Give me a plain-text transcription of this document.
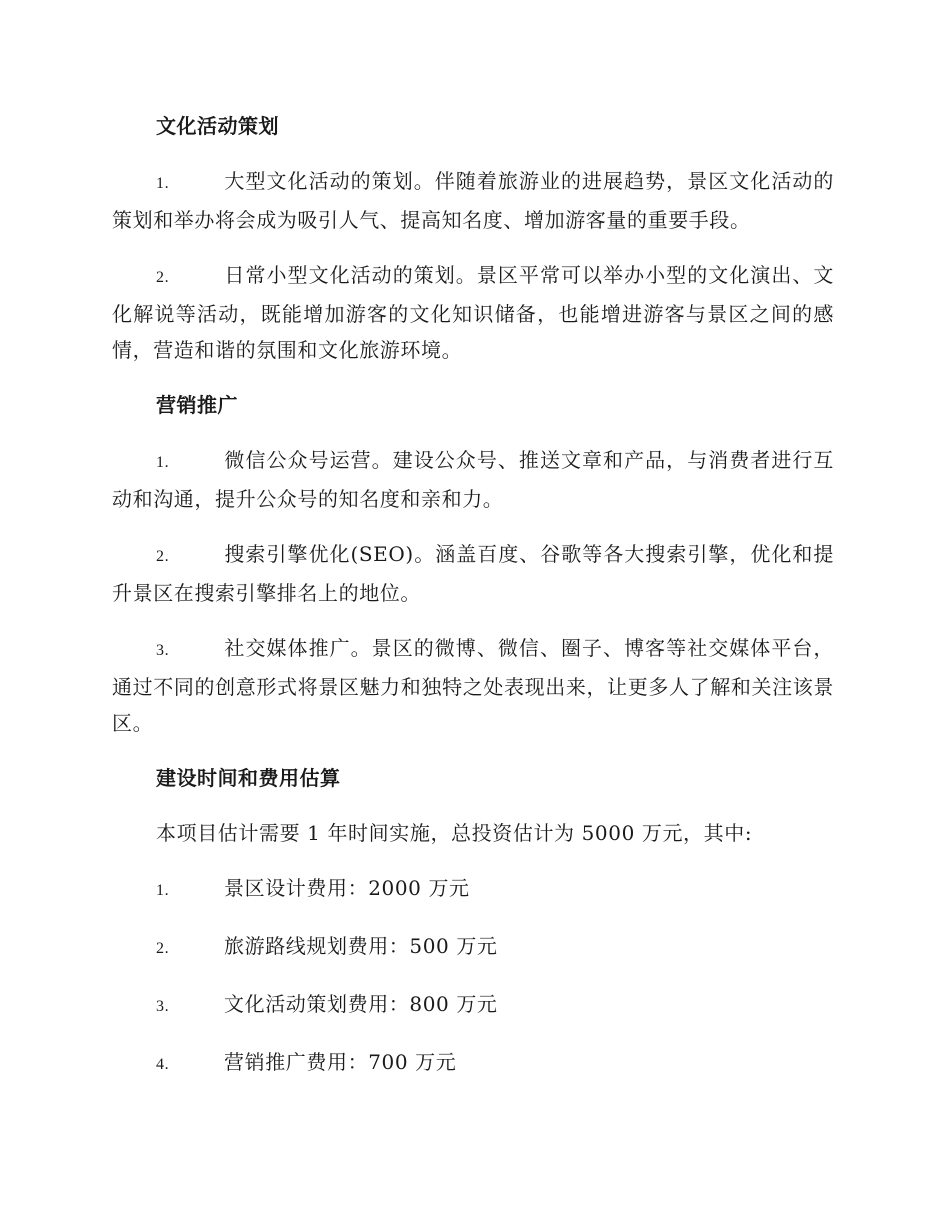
文化活动策划
1.	大型文化活动的策划。伴随着旅游业的进展趋势，景区文化活动的策划和举办将会成为吸引人气、提高知名度、增加游客量的重要手段。
2.	日常小型文化活动的策划。景区平常可以举办小型的文化演出、文化解说等活动，既能增加游客的文化知识储备，也能增进游客与景区之间的感情，营造和谐的氛围和文化旅游环境。
营销推广
1.	微信公众号运营。建设公众号、推送文章和产品，与消费者进行互动和沟通，提升公众号的知名度和亲和力。
2.	搜索引擎优化(SEO)。涵盖百度、谷歌等各大搜索引擎，优化和提升景区在搜索引擎排名上的地位。
3.	社交媒体推广。景区的微博、微信、圈子、博客等社交媒体平台，通过不同的创意形式将景区魅力和独特之处表现出来，让更多人了解和关注该景区。
建设时间和费用估算
本项目估计需要 1 年时间实施，总投资估计为 5000 万元，其中:
1.	景区设计费用：2000 万元
2.	旅游路线规划费用：500 万元
3.	文化活动策划费用：800 万元
4.	营销推广费用：700 万元
